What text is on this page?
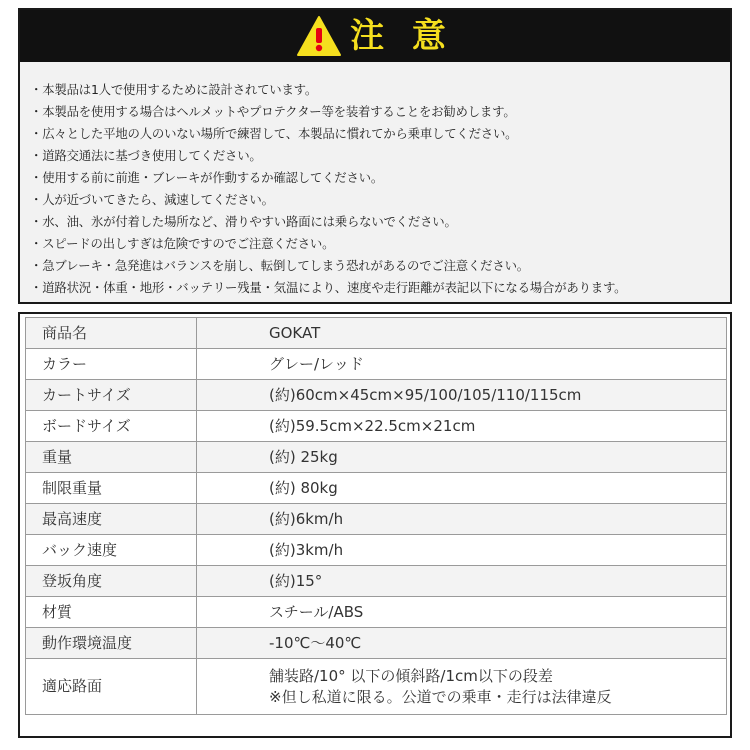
注 意
・本製品は1人で使用するために設計されています。
・本製品を使用する場合はヘルメットやプロテクター等を装着することをお勧めします。
・広々とした平地の人のいない場所で練習して、本製品に慣れてから乗車してください。
・道路交通法に基づき使用してください。
・使用する前に前進・ブレーキが作動するか確認してください。
・人が近づいてきたら、減速してください。
・水、油、氷が付着した場所など、滑りやすい路面には乗らないでください。
・スピードの出しすぎは危険ですのでご注意ください。
・急ブレーキ・急発進はバランスを崩し、転倒してしまう恐れがあるのでご注意ください。
・道路状況・体重・地形・バッテリー残量・気温により、速度や走行距離が表記以下になる場合があります。
商品名	GOKAT
カラー	グレー/レッド
カートサイズ	(約)60cm×45cm×95/100/105/110/115cm
ボードサイズ	(約)59.5cm×22.5cm×21cm
重量	(約) 25kg
制限重量	(約) 80kg
最高速度	(約)6km/h
バック速度	(約)3km/h
登坂角度	(約)15°
材質	スチール/ABS
動作環境温度	-10℃～40℃
適応路面	舗装路/10° 以下の傾斜路/1cm以下の段差
※但し私道に限る。公道での乗車・走行は法律違反
